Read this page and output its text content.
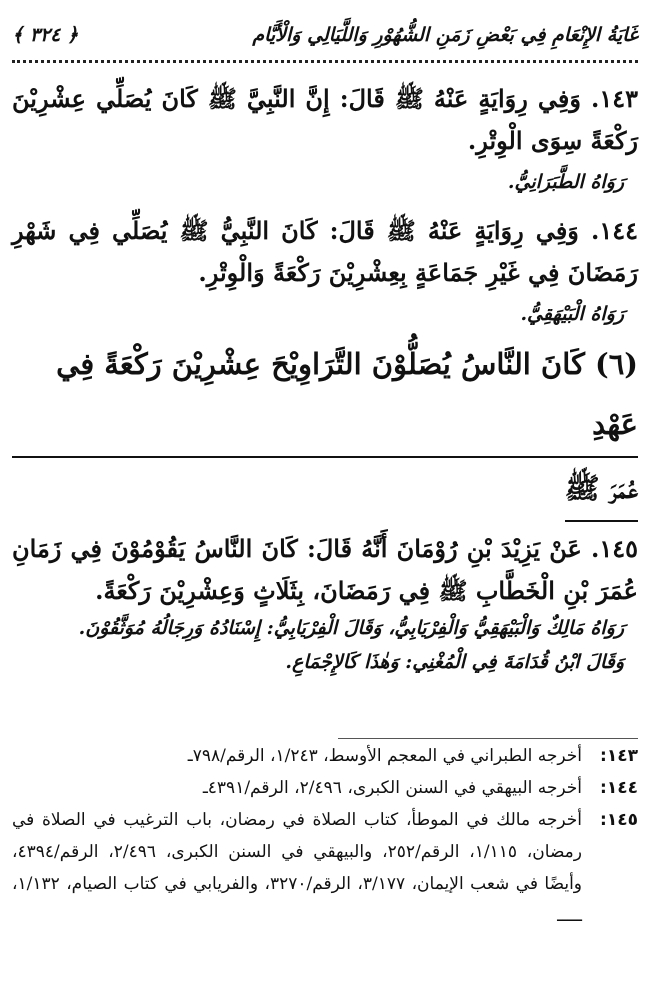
غَايَةُ الإِنْعَامِ فِي بَعْضِ زَمَنِ الشُّهُوْرِ وَاللَّيَالِي وَالْأَيَّام
﴿ ٣٢٤ ﴾
١٤٣. وَفِي رِوَايَةٍ عَنْهُ ﷺ قَالَ: إِنَّ النَّبِيَّ ﷺ كَانَ يُصَلِّي عِشْرِيْنَ رَكْعَةً سِوَى الْوِتْرِ.
رَوَاهُ الطَّبَرَانِيُّ.
١٤٤. وَفِي رِوَايَةٍ عَنْهُ ﷺ قَالَ: كَانَ النَّبِيُّ ﷺ يُصَلِّي فِي شَهْرِ رَمَضَانَ فِي غَيْرِ جَمَاعَةٍ بِعِشْرِيْنَ رَكْعَةً وَالْوِتْرِ.
رَوَاهُ الْبَيْهَقِيُّ.
(٦) كَانَ النَّاسُ يُصَلُّوْنَ التَّرَاوِيْحَ عِشْرِيْنَ رَكْعَةً فِي عَهْدِ
عُمَرَ ﷺ
١٤٥. عَنْ يَزِيْدَ بْنِ رُوْمَانَ أَنَّهُ قَالَ: كَانَ النَّاسُ يَقُوْمُوْنَ فِي زَمَانِ عُمَرَ بْنِ الْخَطَّابِ ﷺ فِي رَمَضَانَ، بِثَلَاثٍ وَعِشْرِيْنَ رَكْعَةً.
رَوَاهُ مَالِكٌ وَالْبَيْهَقِيُّ وَالْفِرْيَابِيُّ، وَقَالَ الْفِرْيَابِيُّ: إِسْنَادُهُ وَرِجَالُهُ مُوَثَّقُوْنَ.
وَقَالَ ابْنُ قُدَامَةَ فِي الْمُغْنِي: وَهٰذَا كَالإِجْمَاعِ.
١٤٣:
أخرجه الطبراني في المعجم الأوسط، ١/٢٤٣، الرقم/٧٩٨ـ
١٤٤:
أخرجه البيهقي في السنن الكبرى، ٢/٤٩٦، الرقم/٤٣٩١ـ
١٤٥:
أخرجه مالك في الموطأ، كتاب الصلاة في رمضان، باب الترغيب في الصلاة في رمضان، ١/١١٥، الرقم/٢٥٢، والبيهقي في السنن الكبرى، ٢/٤٩٦، الرقم/٤٣٩٤، وأيضًا في شعب الإيمان، ٣/١٧٧، الرقم/٣٢٧٠، والفريابي في كتاب الصيام، ١/١٣٢، ـــــ
